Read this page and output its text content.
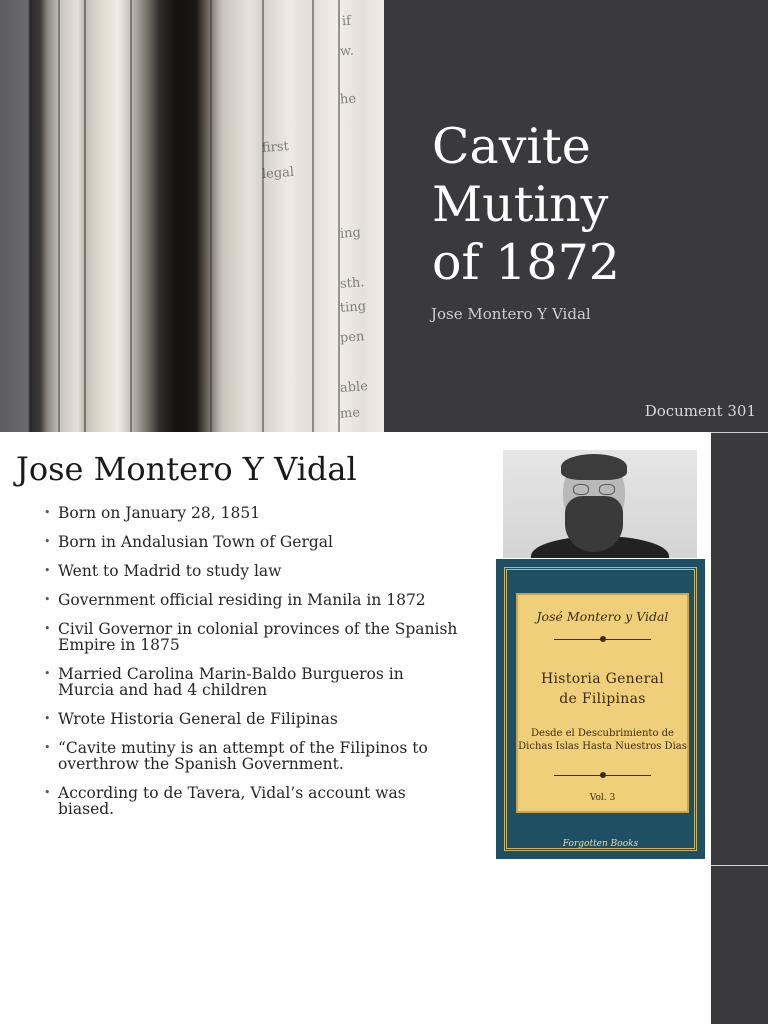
if
w.
he
first
legal
ing
sth.
ting
pen
able
me
Cavite
Mutiny
of 1872
Jose Montero Y Vidal
Document 301
Jose Montero Y Vidal
• Born on January 28, 1851
• Born in Andalusian Town of Gergal
• Went to Madrid to study law
• Government official residing in Manila in 1872
• Civil Governor in colonial provinces of the Spanish Empire in 1875
• Married Carolina Marin-Baldo Burgueros in Murcia and had 4 children
• Wrote Historia General de Filipinas
• “Cavite mutiny is an attempt of the Filipinos to overthrow the Spanish Government.
• According to de Tavera, Vidal’s account was biased.
José Montero y Vidal
Historia General
de Filipinas
Desde el Descubrimiento de
Dichas Islas Hasta Nuestros Dias
Vol. 3
Forgotten Books
